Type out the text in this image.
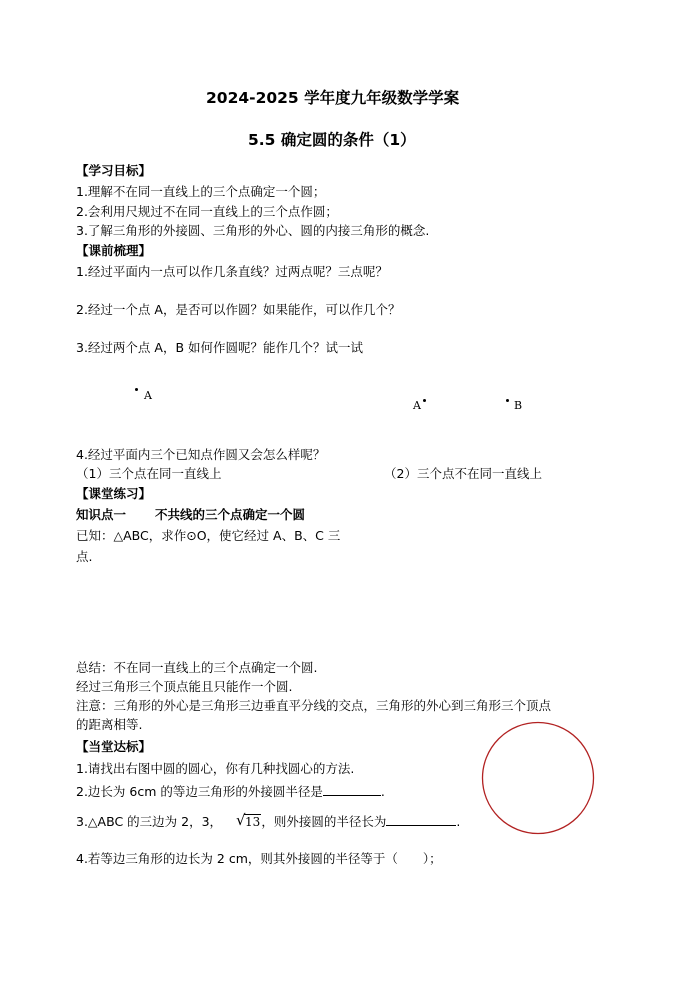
2024-2025 学年度九年级数学学案
5.5 确定圆的条件（1）
【学习目标】
1.理解不在同一直线上的三个点确定一个圆；
2.会利用尺规过不在同一直线上的三个点作圆；
3.了解三角形的外接圆、三角形的外心、圆的内接三角形的概念.
【课前梳理】
1.经过平面内一点可以作几条直线？过两点呢？三点呢？
2.经过一个点 A，是否可以作圆？如果能作，可以作几个？
3.经过两个点 A，B 如何作圆呢？能作几个？试一试
A
A	B
4.经过平面内三个已知点作圆又会怎么样呢？
（1）三个点在同一直线上	（2）三个点不在同一直线上
【课堂练习】
知识点一 不共线的三个点确定一个圆
已知：△ABC，求作⊙O，使它经过 A、B、C 三
点.
总结：不在同一直线上的三个点确定一个圆.
经过三角形三个顶点能且只能作一个圆.
注意：三角形的外心是三角形三边垂直平分线的交点，三角形的外心到三角形三个顶点
的距离相等.
【当堂达标】
1.请找出右图中圆的圆心，你有几种找圆心的方法.
2.边长为 6cm 的等边三角形的外接圆半径是	.
3.△ABC 的三边为 2，3， √ 13，则外接圆的半径长为	.
4.若等边三角形的边长为 2 cm，则其外接圆的半径等于（　　）；
